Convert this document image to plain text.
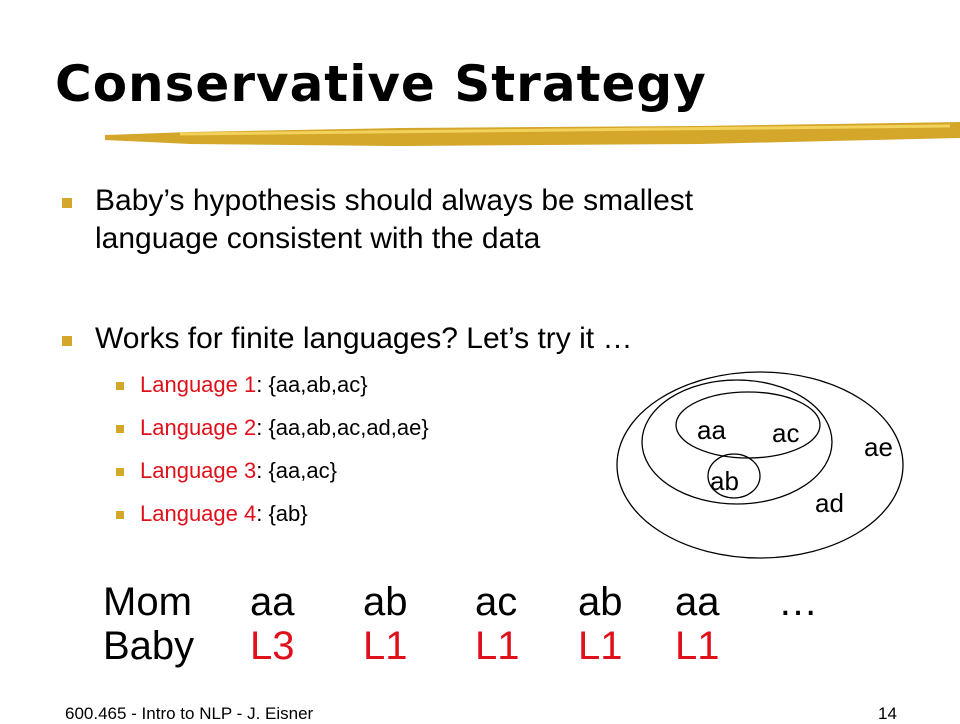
Conservative Strategy
Baby’s hypothesis should always be smallest
language consistent with the data
Works for finite languages? Let’s try it …
Language 1: {aa,ab,ac}
Language 2: {aa,ab,ac,ad,ae}
Language 3: {aa,ac}
Language 4: {ab}
aa ac
ab
ae
ad
Mom aa ab ac ab aa …
Baby L3 L1 L1 L1 L1
600.465 - Intro to NLP - J. Eisner	14
